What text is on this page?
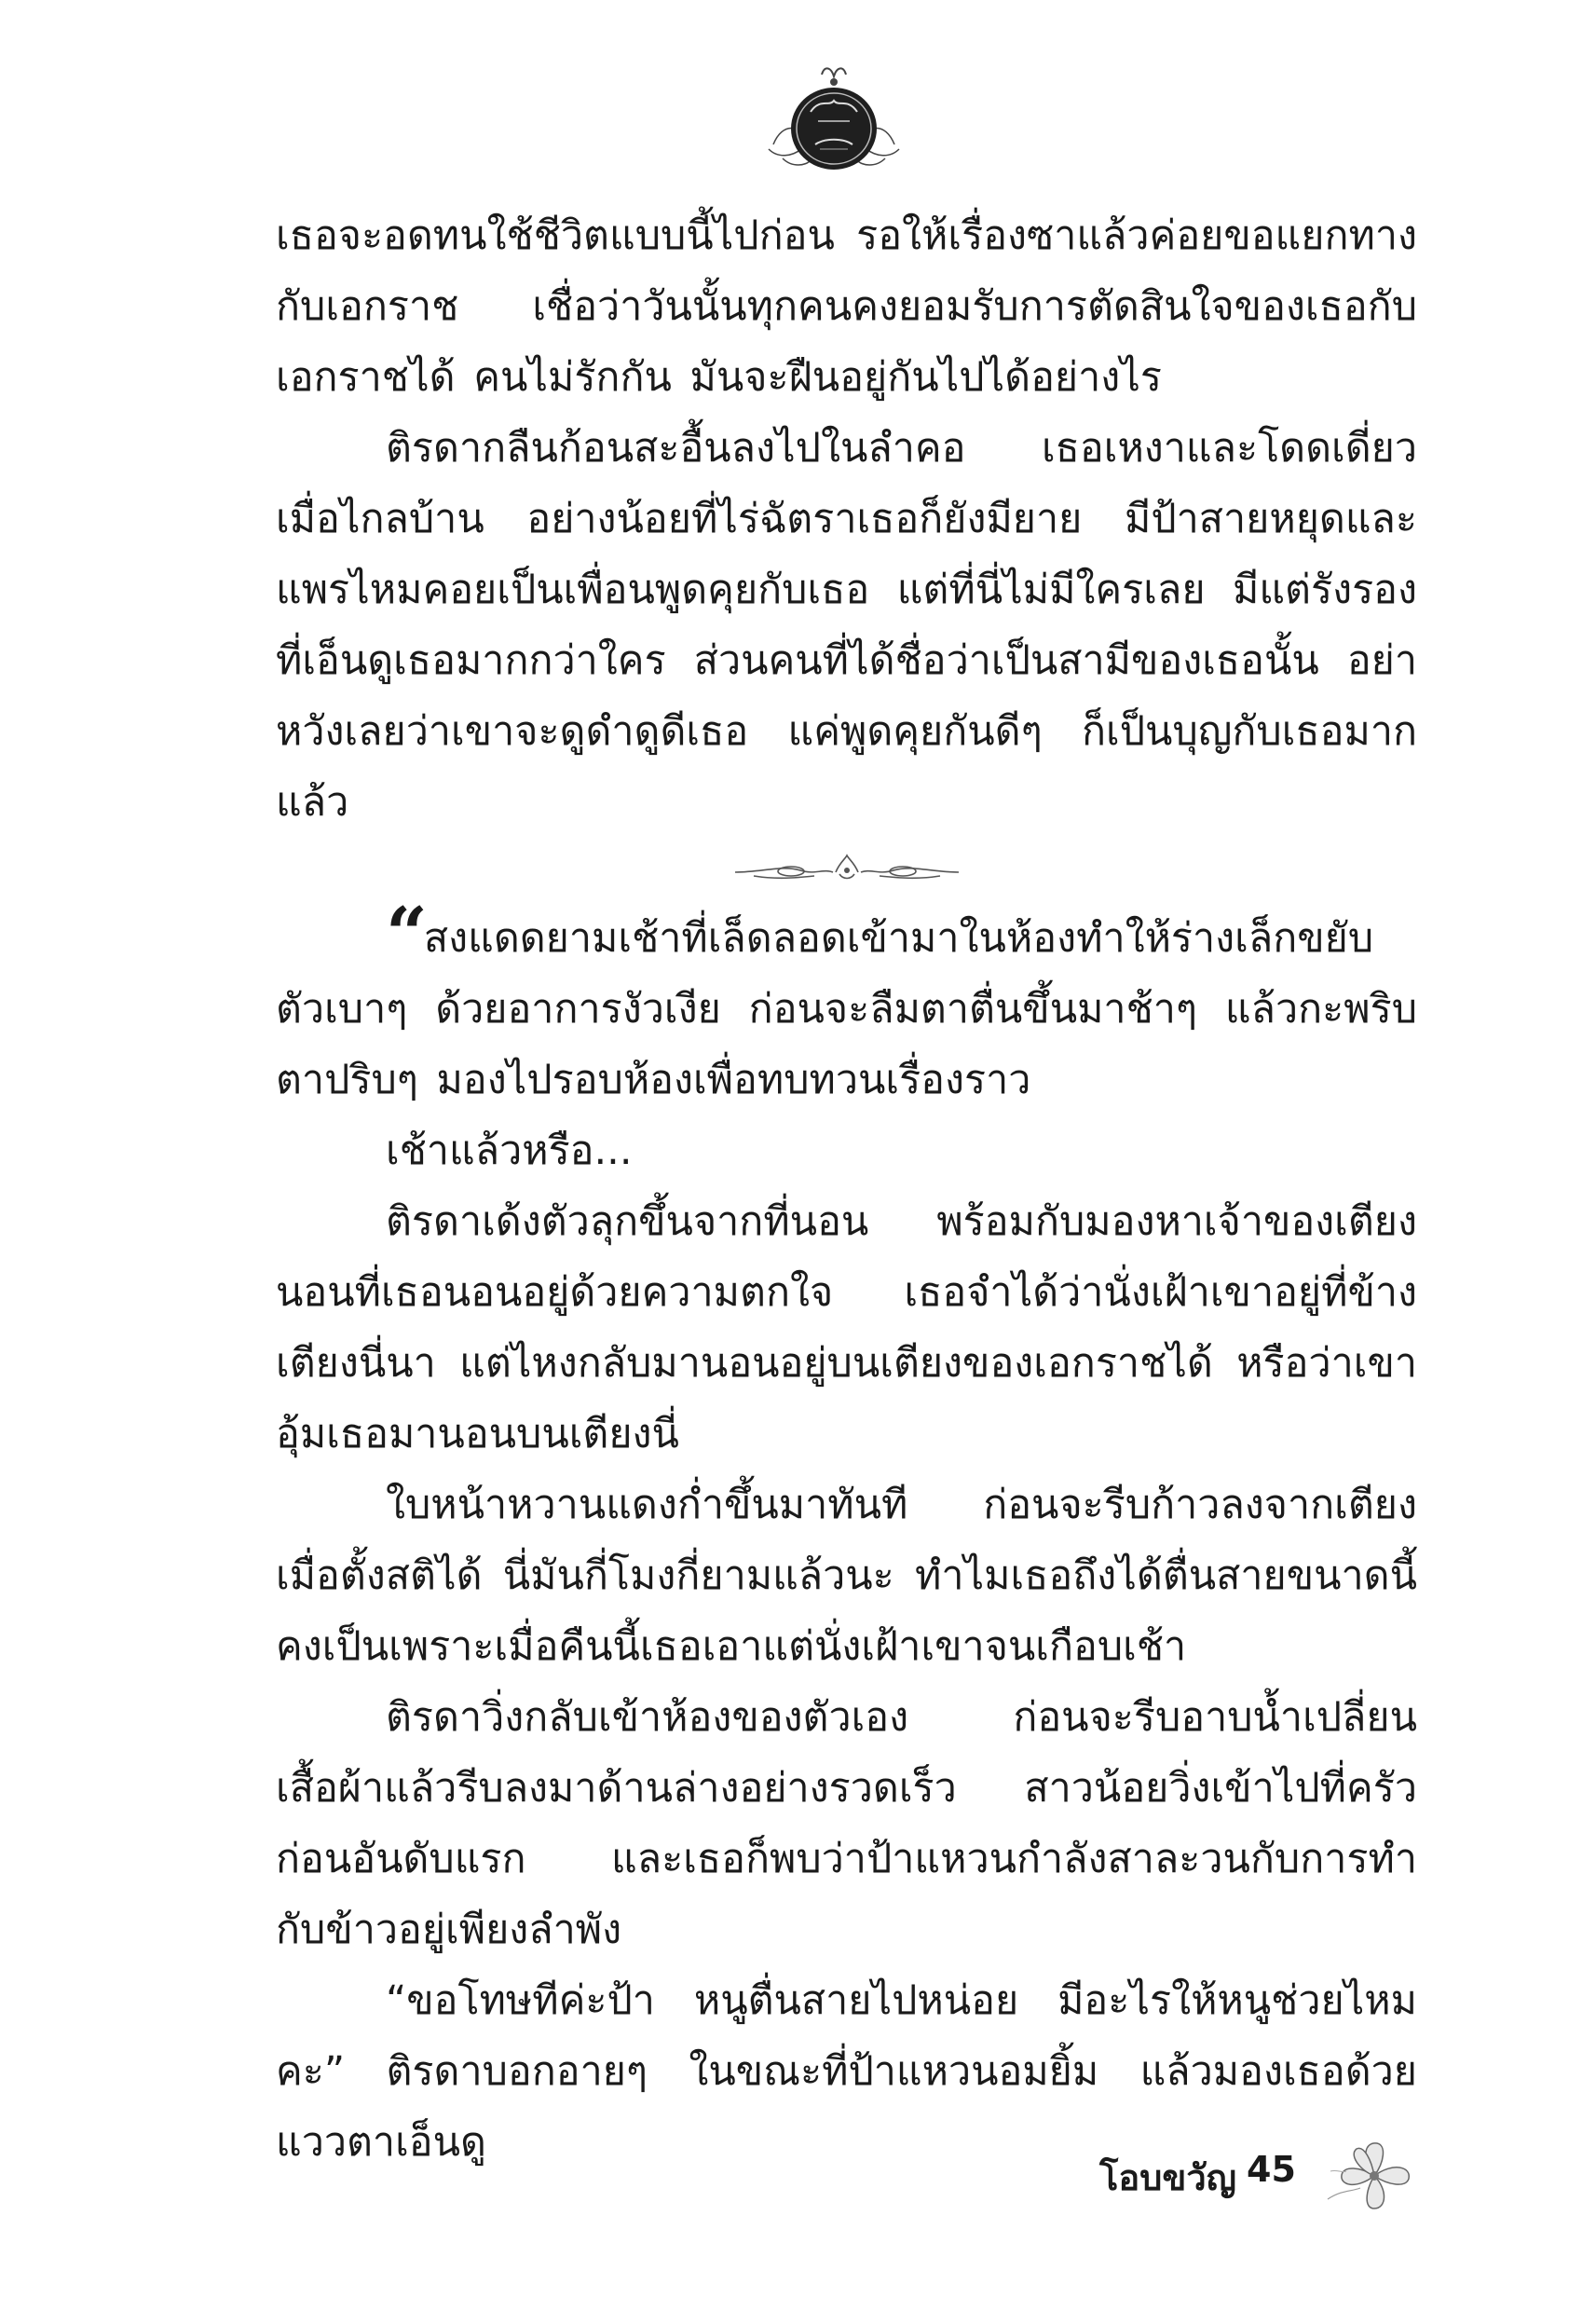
เธอจะอดทนใช้ชีวิตแบบนี้ไปก่อน รอให้เรื่องซาแล้วค่อยขอแยกทางกับเอกราช เชื่อว่าวันนั้นทุกคนคงยอมรับการตัดสินใจของเธอกับเอกราชได้ คนไม่รักกัน มันจะฝืนอยู่กันไปได้อย่างไร

ติรดากลืนก้อนสะอื้นลงไปในลำคอ เธอเหงาและโดดเดี่ยวเมื่อไกลบ้าน อย่างน้อยที่ไร่ฉัตราเธอก็ยังมียาย มีป้าสายหยุดและแพรไหมคอยเป็นเพื่อนพูดคุยกับเธอ แต่ที่นี่ไม่มีใครเลย มีแต่รังรองที่เอ็นดูเธอมากกว่าใคร ส่วนคนที่ได้ชื่อว่าเป็นสามีของเธอนั้น อย่าหวังเลยว่าเขาจะดูดำดูดีเธอ แค่พูดคุยกันดีๆ ก็เป็นบุญกับเธอมากแล้ว

“สงแดดยามเช้าที่เล็ดลอดเข้ามาในห้องทำให้ร่างเล็กขยับตัวเบาๆ ด้วยอาการงัวเงีย ก่อนจะลืมตาตื่นขึ้นมาช้าๆ แล้วกะพริบตาปริบๆ มองไปรอบห้องเพื่อทบทวนเรื่องราว

เช้าแล้วหรือ...

ติรดาเด้งตัวลุกขึ้นจากที่นอน พร้อมกับมองหาเจ้าของเตียงนอนที่เธอนอนอยู่ด้วยความตกใจ เธอจำได้ว่านั่งเฝ้าเขาอยู่ที่ข้างเตียงนี่นา แต่ไหงกลับมานอนอยู่บนเตียงของเอกราชได้ หรือว่าเขาอุ้มเธอมานอนบนเตียงนี่

ใบหน้าหวานแดงก่ำขึ้นมาทันที ก่อนจะรีบก้าวลงจากเตียงเมื่อตั้งสติได้ นี่มันกี่โมงกี่ยามแล้วนะ ทำไมเธอถึงได้ตื่นสายขนาดนี้ คงเป็นเพราะเมื่อคืนนี้เธอเอาแต่นั่งเฝ้าเขาจนเกือบเช้า

ติรดาวิ่งกลับเข้าห้องของตัวเอง ก่อนจะรีบอาบน้ำเปลี่ยนเสื้อผ้าแล้วรีบลงมาด้านล่างอย่างรวดเร็ว สาวน้อยวิ่งเข้าไปที่ครัวก่อนอันดับแรก และเธอก็พบว่าป้าแหวนกำลังสาละวนกับการทำกับข้าวอยู่เพียงลำพัง

“ขอโทษทีค่ะป้า หนูตื่นสายไปหน่อย มีอะไรให้หนูช่วยไหมคะ” ติรดาบอกอายๆ ในขณะที่ป้าแหวนอมยิ้ม แล้วมองเธอด้วยแววตาเอ็นดู

โอบขวัญ 45
